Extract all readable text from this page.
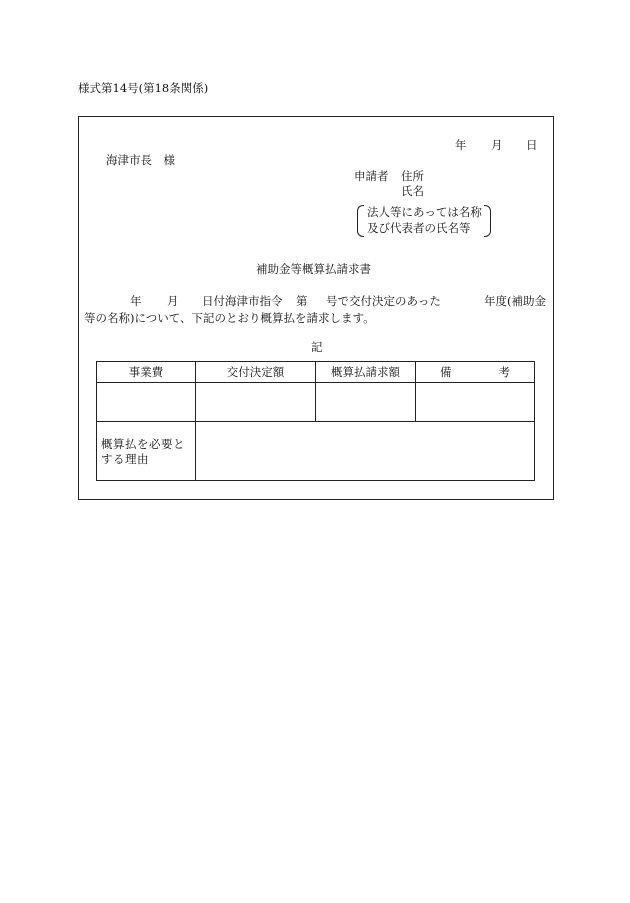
様式第14号(第18条関係)
年 月 日
海津市長　様
申請者 住所
氏名
法人等にあっては名称
及び代表者の氏名等
補助金等概算払請求書
年 月 日付海津市指令 第 号で交付決定のあった	年度(補助金
等の名称)について、下記のとおり概算払を請求します。
記
事業費	交付決定額	概算払請求額	備 考

概算払を必要とする理由			
